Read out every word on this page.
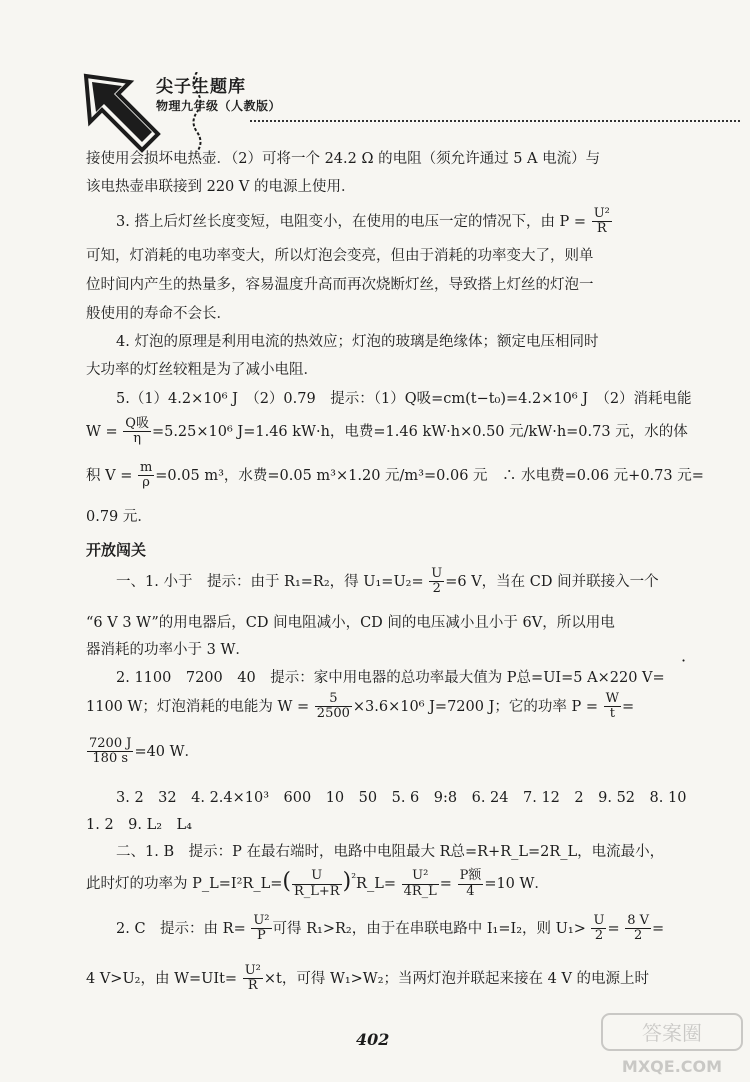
尖子生题库
物理九年级（人教版）
接使用会损坏电热壶．（2）可将一个 24.2 Ω 的电阻（须允许通过 5 A 电流）与
该电热壶串联接到 220 V 的电源上使用．
3. 搭上后灯丝长度变短，电阻变小，在使用的电压一定的情况下，由 $P = \frac{\text{U²}}{R}$
可知，灯消耗的电功率变大，所以灯泡会变亮，但由于消耗的功率变大了，则单
位时间内产生的热量多，容易温度升高而再次烧断灯丝，导致搭上灯丝的灯泡一
般使用的寿命不会长．
4. 灯泡的原理是利用电流的热效应；灯泡的玻璃是绝缘体；额定电压相同时
大功率的灯丝较粗是为了减小电阻．
5.（1）4.2×10⁶ J　（2）0.79　提示：（1）Q吸=cm(t−t₀)=4.2×10⁶ J　（2）消耗电能
$W = \frac{\text{Q吸}}{\eta} =5.25\times 10^6$ J=1.46 kW·h，电费=1.46 kW·h×0.50 元/kW·h=0.73 元，水的体
积 $V = \frac{m}{\rho} =0.05$ m³，水费=0.05 m³×1.20 元/m³=0.06 元　∴ 水电费=0.06 元+0.73 元=
0.79 元．
开放闯关
一、1. 小于　提示：由于 R₁=R₂，得 $U_1=U_2= \frac{U}{2} =6$ V，当在 CD 间并联接入一个
“6 V 3 W”的用电器后，CD 间电阻减小，CD 间的电压减小且小于 6V，所以用电
器消耗的功率小于 3 W．
2. 1100　7200　40　提示：家中用电器的总功率最大值为 P总=UI=5 A×220 V=
1100 W；灯泡消耗的电能为 $W = \frac{5}{2500} \times 3.6\times 10^6$ J=7200 J；它的功率 $P = \frac{W}{t}$ =
$\frac{7200 J}{180 s} =40$ W．
3. 2　32　4. 2.4×10³　600　10　50　5. 6　9:8　6. 24　7. 12　2　9. 52　8. 10
1. 2　9. L₂　L₄
二、1. B　提示：P 在最右端时，电路中电阻最大 R总=R+R_L=2R_L，电流最小，
此时灯的功率为 P_L=I²R_L=( $\frac{U}{R\_L+R}$ )$^{^2}$R_L= $\frac{\text{U²}}{4R\_L} = \frac{\text{P额}}{4} =10$ W．
2. C　提示：由 $R= \frac{\text{U²}}{P}$ 可得 R₁>R₂，由于在串联电路中 I₁=I₂，则 $U_1> \frac{U}{2} = \frac{8 V}{2}$ =
4 V>U₂，由 $W=UIt= \frac{\text{U²}}{R} \times t$，可得 W₁>W₂；当两灯泡并联起来接在 4 V 的电源上时
·
402	答案圈
MXQE.COM
